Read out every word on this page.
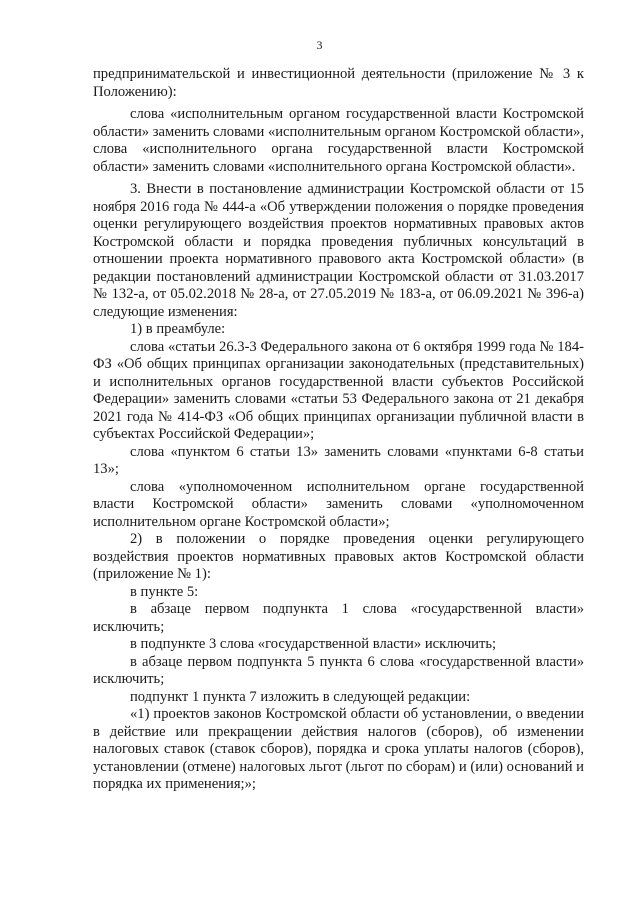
3

предпринимательской и инвестиционной деятельности (приложение № 3 к Положению):

слова «исполнительным органом государственной власти Костромской области» заменить словами «исполнительным органом Костромской области», слова «исполнительного органа государственной власти Костромской области» заменить словами «исполнительного органа Костромской области».

3. Внести в постановление администрации Костромской области от 15 ноября 2016 года № 444-а «Об утверждении положения о порядке проведения оценки регулирующего воздействия проектов нормативных правовых актов Костромской области и порядка проведения публичных консультаций в отношении проекта нормативного правового акта Костромской области» (в редакции постановлений администрации Костромской области от 31.03.2017 № 132-а, от 05.02.2018 № 28-а, от 27.05.2019 № 183-а, от 06.09.2021 № 396-а) следующие изменения:

1) в преамбуле:

слова «статьи 26.3-3 Федерального закона от 6 октября 1999 года № 184-ФЗ «Об общих принципах организации законодательных (представительных) и исполнительных органов государственной власти субъектов Российской Федерации» заменить словами «статьи 53 Федерального закона от 21 декабря 2021 года № 414-ФЗ «Об общих принципах организации публичной власти в субъектах Российской Федерации»;

слова «пунктом 6 статьи 13» заменить словами «пунктами 6-8 статьи 13»;

слова «уполномоченном исполнительном органе государственной власти Костромской области» заменить словами «уполномоченном исполнительном органе Костромской области»;

2) в положении о порядке проведения оценки регулирующего воздействия проектов нормативных правовых актов Костромской области (приложение № 1):

в пункте 5:

в абзаце первом подпункта 1 слова «государственной власти» исключить;

в подпункте 3 слова «государственной власти» исключить;

в абзаце первом подпункта 5 пункта 6 слова «государственной власти» исключить;

подпункт 1 пункта 7 изложить в следующей редакции:

«1) проектов законов Костромской области об установлении, о введении в действие или прекращении действия налогов (сборов), об изменении налоговых ставок (ставок сборов), порядка и срока уплаты налогов (сборов), установлении (отмене) налоговых льгот (льгот по сборам) и (или) оснований и порядка их применения;»;
